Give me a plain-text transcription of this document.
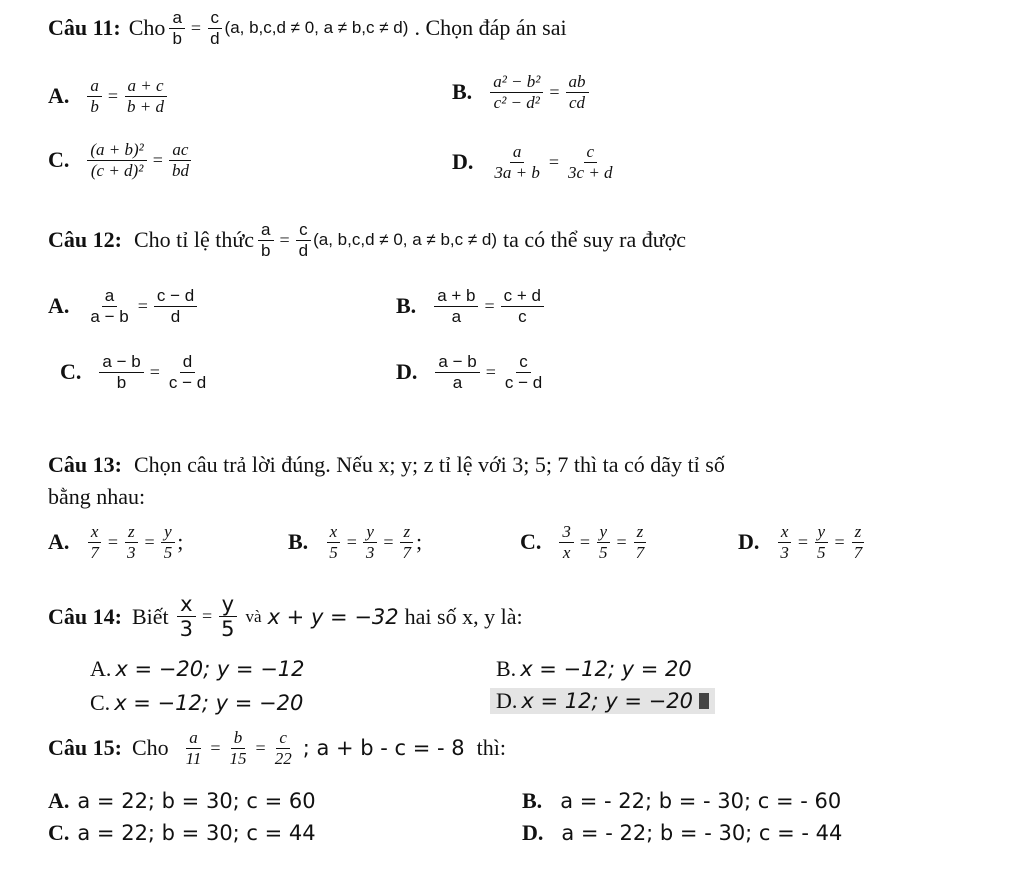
Câu 11: Cho $\frac{a}{b} = \frac{c}{d} (a$, b,c,d ≠ 0, a ≠ b,c ≠ d) . Chọn đáp án sai
A. $\frac{a}{b} = \frac{a + c}{b + d}$	B. $\frac{\text{a² − b²}}{\text{c² − d²}} = \frac{ab}{cd}$
C. $\frac{\text{(a + b)²}}{\text{(c + d)²}} = \frac{ac}{bd}$	D. $\frac{a}{3a + b} = \frac{c}{3c + d}$
Câu 12: Cho tỉ lệ thức $\frac{a}{b} = \frac{c}{d} (a$, b,c,d ≠ 0, a ≠ b,c ≠ d) ta có thể suy ra được
A. $\frac{a}{a - b} = \frac{c - d}{d}$	B. $\frac{a + b}{a} = \frac{c + d}{c}$
C. $\frac{a - b}{b} = \frac{d}{c - d}$	D. $\frac{a - b}{a} = \frac{c}{c - d}$
Câu 13: Chọn câu trả lời đúng. Nếu x; y; z tỉ lệ với 3; 5; 7 thì ta có dãy tỉ số
bằng nhau:
A. $\frac{x}{7} = \frac{z}{3} = \frac{y}{5}$ ;	B. $\frac{x}{5} = \frac{y}{3} = \frac{z}{7}$ ;	C. $\frac{3}{x} = \frac{y}{5} = \frac{z}{7}$	D. $\frac{x}{3} = \frac{y}{5} = \frac{z}{7}$
Câu 14: Biết $\frac{x}{3} = \frac{y}{5}$ và x + y = −32 hai số x, y là:
A. x = −20; y = −12	B. x = −12; y = 20
C. x = −12; y = −20	D. x = 12; y = −20
Câu 15: Cho $\frac{a}{11} = \frac{b}{15} = \frac{c}{22}$ ; a + b - c = - 8 thì:
A. a = 22; b = 30; c = 60	B. a = - 22; b = - 30; c = - 60
C. a = 22; b = 30; c = 44	D. a = - 22; b = - 30; c = - 44
